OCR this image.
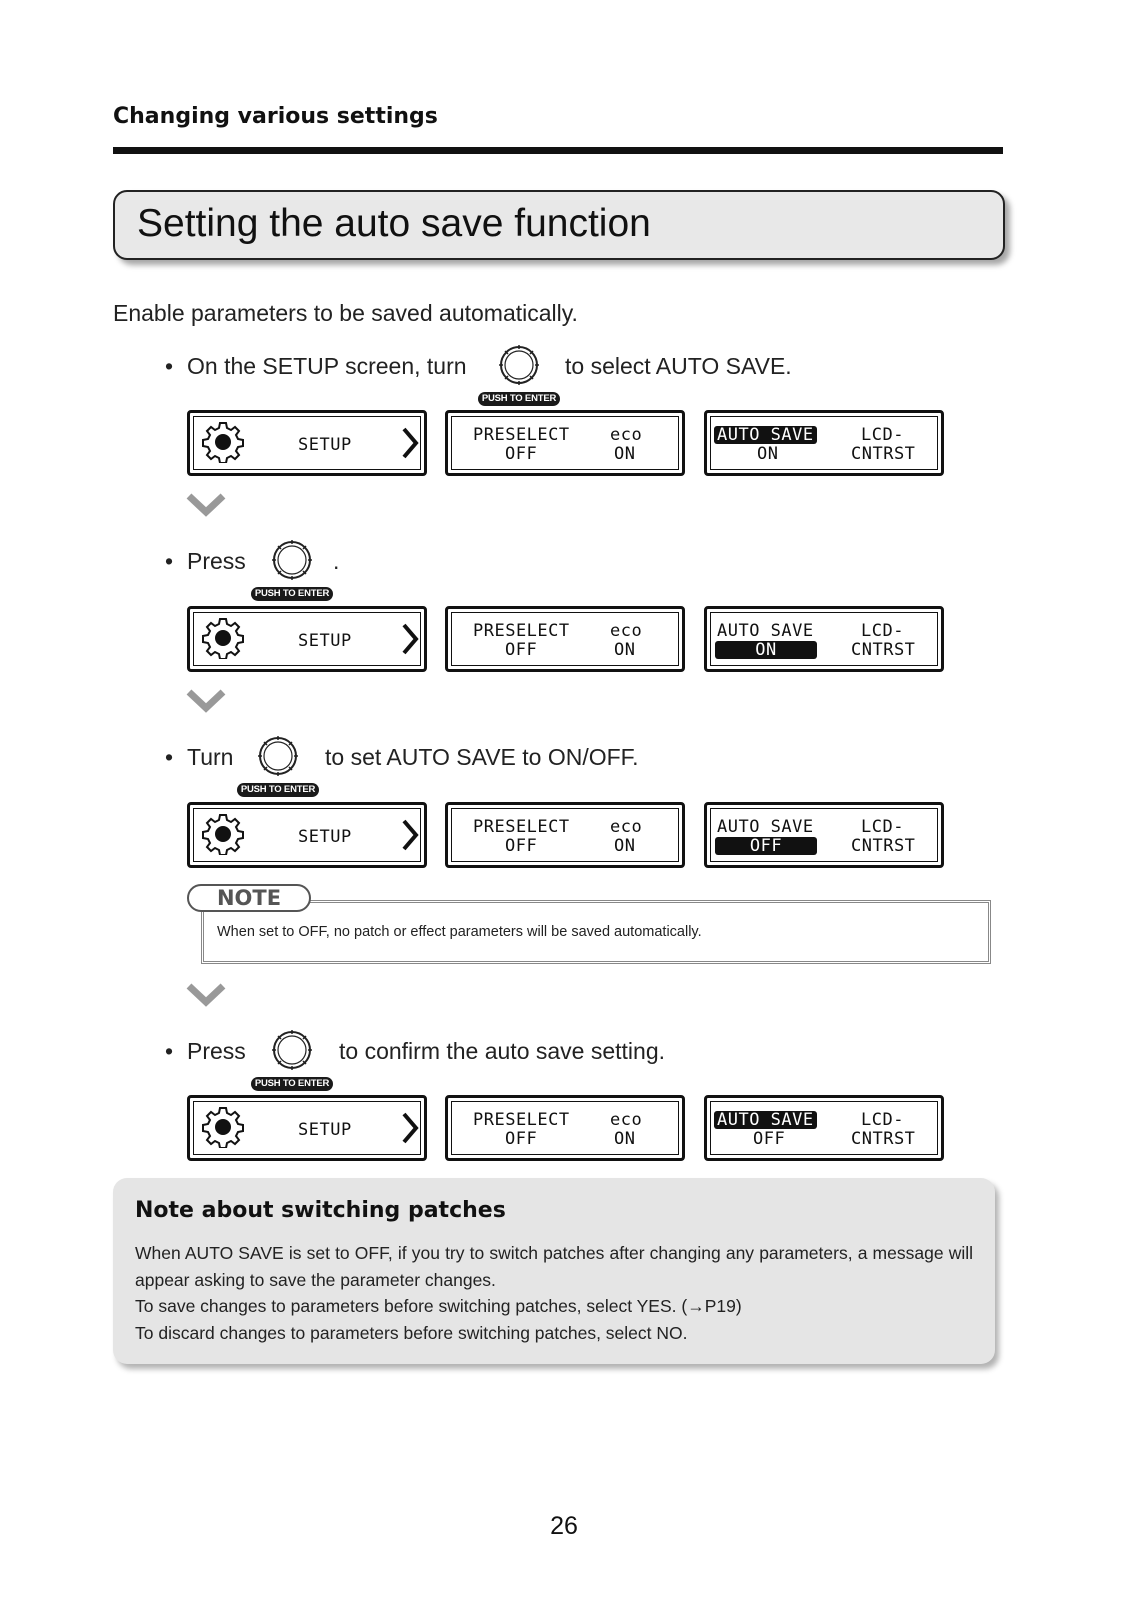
Changing various settings
Setting the auto save function
Enable parameters to be saved automatically.
• On the SETUP screen, turn
PUSH TO ENTER
to select AUTO SAVE.
SETUP	PRESELECT
OFF
eco
ON
AUTO SAVE
ON
LCD-
CNTRST
• Press
PUSH TO ENTER
.
SETUP	PRESELECT
OFF
eco
ON
AUTO SAVE
ON
LCD-
CNTRST
• Turn
PUSH TO ENTER
to set AUTO SAVE to ON/OFF.
SETUP	PRESELECT
OFF
eco
ON
AUTO SAVE
OFF
LCD-
CNTRST
NOTE
When set to OFF, no patch or effect parameters will be saved automatically.
• Press
PUSH TO ENTER
to confirm the auto save setting.
SETUP	PRESELECT
OFF
eco
ON
AUTO SAVE
OFF
LCD-
CNTRST
Note about switching patches

When AUTO SAVE is set to OFF, if you try to switch patches after changing any parameters, a message will appear asking to save the parameter changes.

To save changes to parameters before switching patches, select YES. (→P19)

To discard changes to parameters before switching patches, select NO.

26
